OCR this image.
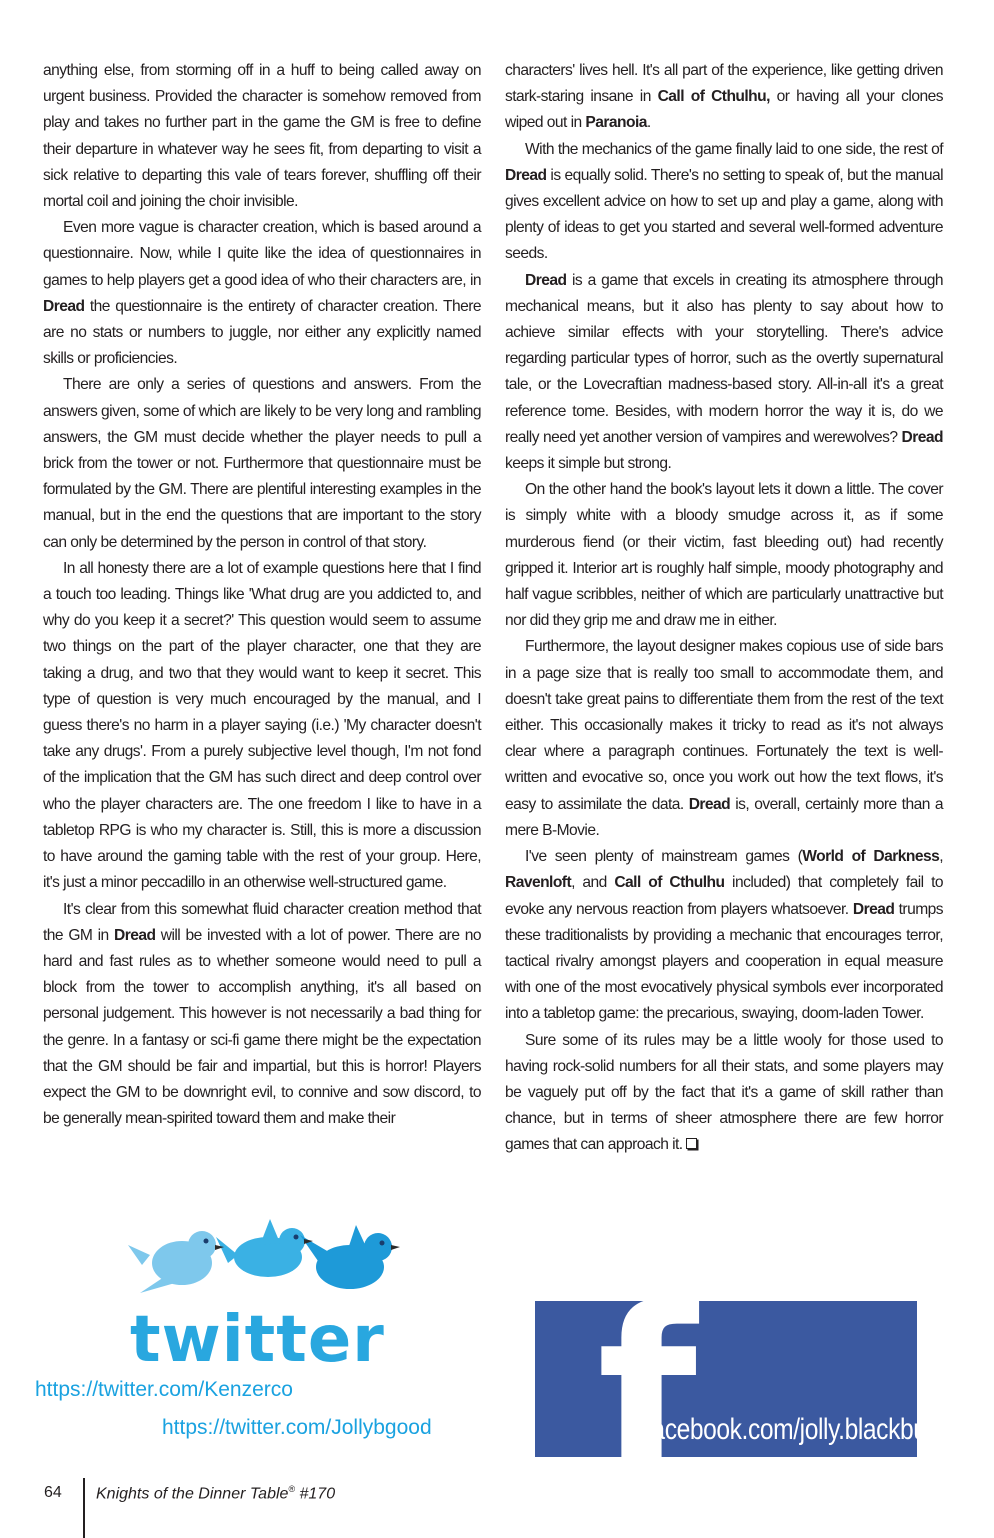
anything else, from storming off in a huff to being called away on urgent business. Provided the character is somehow removed from play and takes no further part in the game the GM is free to define their departure in whatever way he sees fit, from departing to visit a sick relative to departing this vale of tears forever, shuffling off their mortal coil and joining the choir invisible.

Even more vague is character creation, which is based around a questionnaire. Now, while I quite like the idea of questionnaires in games to help players get a good idea of who their characters are, in Dread the questionnaire is the entirety of character creation. There are no stats or numbers to juggle, nor either any explicitly named skills or proficiencies.

There are only a series of questions and answers. From the answers given, some of which are likely to be very long and rambling answers, the GM must decide whether the player needs to pull a brick from the tower or not. Furthermore that questionnaire must be formulated by the GM. There are plentiful interesting examples in the manual, but in the end the questions that are important to the story can only be determined by the person in control of that story.

In all honesty there are a lot of example questions here that I find a touch too leading. Things like 'What drug are you addicted to, and why do you keep it a secret?' This question would seem to assume two things on the part of the player character, one that they are taking a drug, and two that they would want to keep it secret. This type of question is very much encouraged by the manual, and I guess there's no harm in a player saying (i.e.) 'My character doesn't take any drugs'. From a purely subjective level though, I'm not fond of the implication that the GM has such direct and deep control over who the player characters are. The one freedom I like to have in a tabletop RPG is who my character is. Still, this is more a discussion to have around the gaming table with the rest of your group. Here, it's just a minor peccadillo in an otherwise well-structured game.

It's clear from this somewhat fluid character creation method that the GM in Dread will be invested with a lot of power. There are no hard and fast rules as to whether someone would need to pull a block from the tower to accomplish anything, it's all based on personal judgement. This however is not necessarily a bad thing for the genre. In a fantasy or sci-fi game there might be the expectation that the GM should be fair and impartial, but this is horror! Players expect the GM to be downright evil, to connive and sow discord, to be generally mean-spirited toward them and make their

characters' lives hell. It's all part of the experience, like getting driven stark-staring insane in Call of Cthulhu, or having all your clones wiped out in Paranoia.

With the mechanics of the game finally laid to one side, the rest of Dread is equally solid. There's no setting to speak of, but the manual gives excellent advice on how to set up and play a game, along with plenty of ideas to get you started and several well-formed adventure seeds.

Dread is a game that excels in creating its atmosphere through mechanical means, but it also has plenty to say about how to achieve similar effects with your storytelling. There's advice regarding particular types of horror, such as the overtly supernatural tale, or the Lovecraftian madness-based story. All-in-all it's a great reference tome. Besides, with modern horror the way it is, do we really need yet another version of vampires and werewolves? Dread keeps it simple but strong.

On the other hand the book's layout lets it down a little. The cover is simply white with a bloody smudge across it, as if some murderous fiend (or their victim, fast bleeding out) had recently gripped it. Interior art is roughly half simple, moody photography and half vague scribbles, neither of which are particularly unattractive but nor did they grip me and draw me in either.

Furthermore, the layout designer makes copious use of side bars in a page size that is really too small to accommodate them, and doesn't take great pains to differentiate them from the rest of the text either. This occasionally makes it tricky to read as it's not always clear where a paragraph continues. Fortunately the text is well-written and evocative so, once you work out how the text flows, it's easy to assimilate the data. Dread is, overall, certainly more than a mere B-Movie.

I've seen plenty of mainstream games (World of Darkness, Ravenloft, and Call of Cthulhu included) that completely fail to evoke any nervous reaction from players whatsoever. Dread trumps these traditionalists by providing a mechanic that encourages terror, tactical rivalry amongst players and cooperation in equal measure with one of the most evocatively physical symbols ever incorporated into a tabletop game: the precarious, swaying, doom-laden Tower.

Sure some of its rules may be a little wooly for those used to having rock-solid numbers for all their stats, and some players may be vaguely put off by the fact that it's a game of skill rather than chance, but in terms of sheer atmosphere there are few horror games that can approach it.

twitter
https://twitter.com/Kenzerco
https://twitter.com/Jollybgood f
facebook.com/jolly.blackburn
64 Knights of the Dinner Table® #170
